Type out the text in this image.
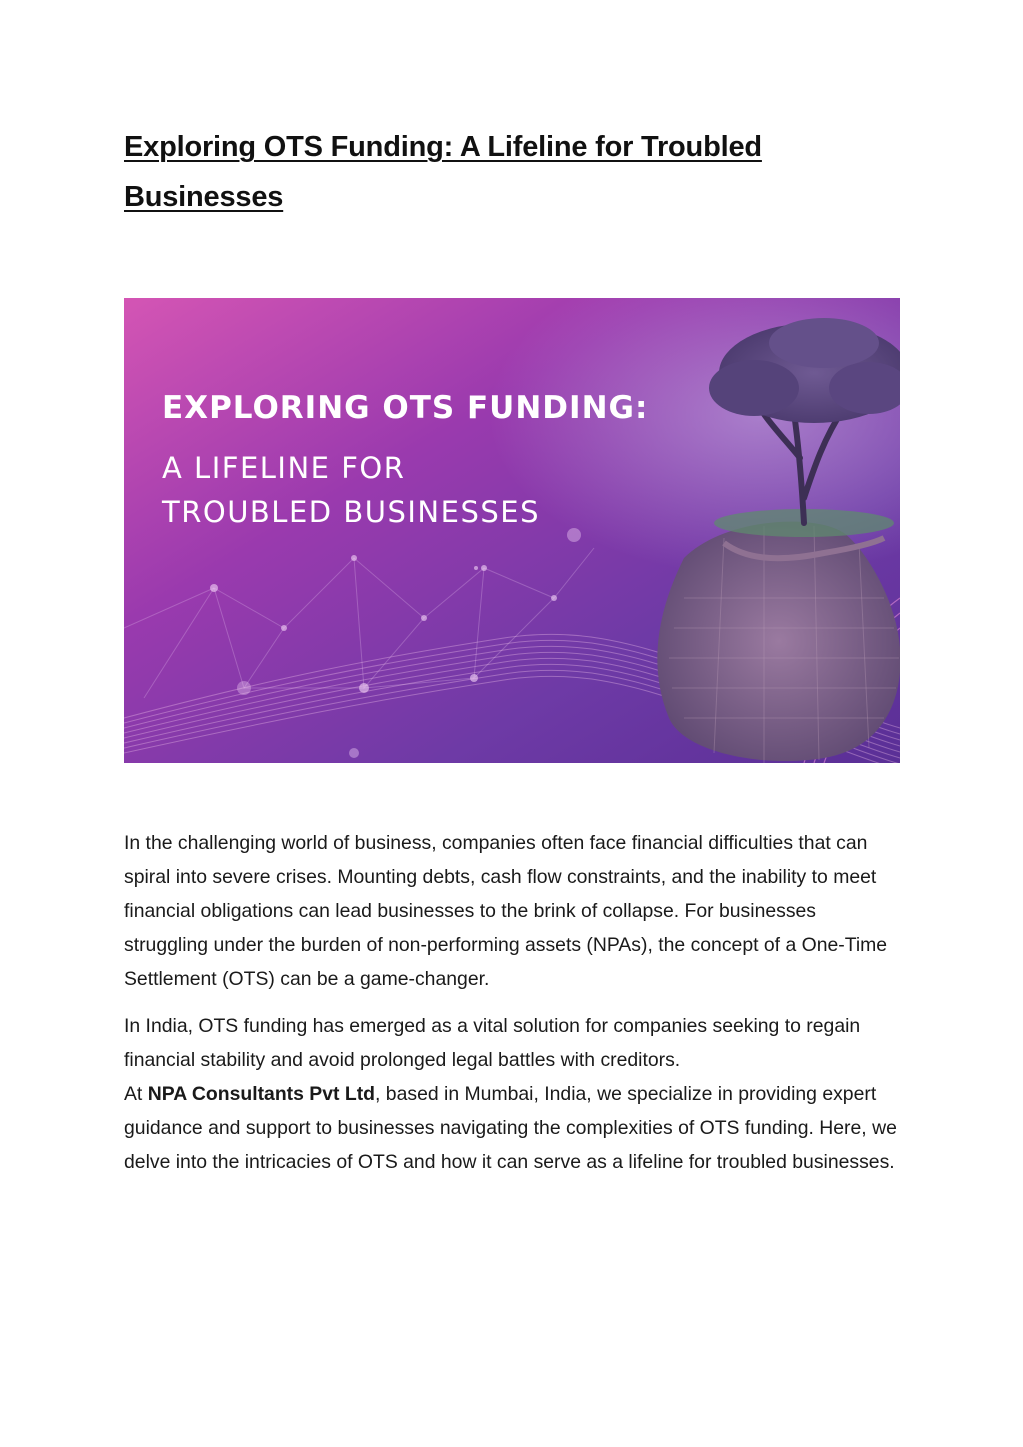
Exploring OTS Funding: A Lifeline for Troubled Businesses
EXPLORING OTS FUNDING:
A LIFELINE FOR
TROUBLED BUSINESSES

In the challenging world of business, companies often face financial difficulties that can spiral into severe crises. Mounting debts, cash flow constraints, and the inability to meet financial obligations can lead businesses to the brink of collapse. For businesses struggling under the burden of non-performing assets (NPAs), the concept of a One-Time Settlement (OTS) can be a game-changer.

In India, OTS funding has emerged as a vital solution for companies seeking to regain financial stability and avoid prolonged legal battles with creditors.
At NPA Consultants Pvt Ltd, based in Mumbai, India, we specialize in providing expert guidance and support to businesses navigating the complexities of OTS funding. Here, we delve into the intricacies of OTS and how it can serve as a lifeline for troubled businesses.
